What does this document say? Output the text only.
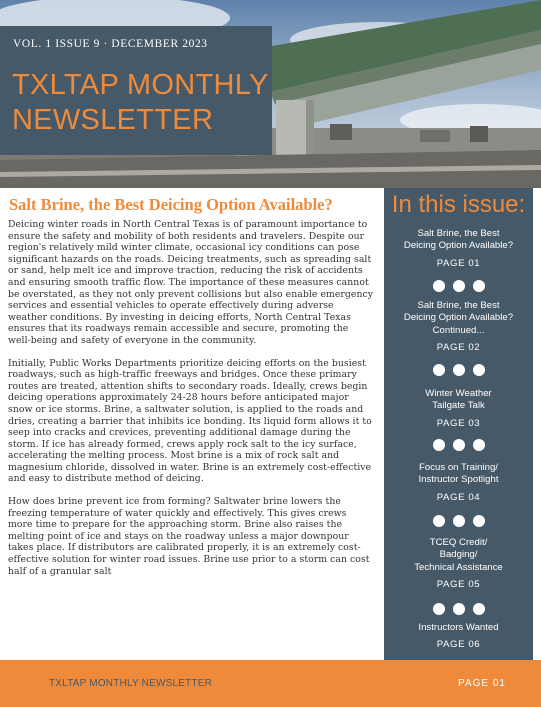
VOL. 1 ISSUE 9 · DECEMBER 2023
TXLTAP MONTHLY
NEWSLETTER
Salt Brine, the Best Deicing Option Available?

Deicing winter roads in North Central Texas is of paramount importance to ensure the safety and mobility of both residents and travelers. Despite our region's relatively mild winter climate, occasional icy conditions can pose significant hazards on the roads. Deicing treatments, such as spreading salt or sand, help melt ice and improve traction, reducing the risk of accidents and ensuring smooth traffic flow. The importance of these measures cannot be overstated, as they not only prevent collisions but also enable emergency services and essential vehicles to operate effectively during adverse weather conditions. By investing in deicing efforts, North Central Texas ensures that its roadways remain accessible and secure, promoting the well-being and safety of everyone in the community.

Initially, Public Works Departments prioritize deicing efforts on the busiest roadways, such as high-traffic freeways and bridges. Once these primary routes are treated, attention shifts to secondary roads. Ideally, crews begin deicing operations approximately 24-28 hours before anticipated major snow or ice storms. Brine, a saltwater solution, is applied to the roads and dries, creating a barrier that inhibits ice bonding. Its liquid form allows it to seep into cracks and crevices, preventing additional damage during the storm. If ice has already formed, crews apply rock salt to the icy surface, accelerating the melting process. Most brine is a mix of rock salt and magnesium chloride, dissolved in water. Brine is an extremely cost-effective and easy to distribute method of deicing.

How does brine prevent ice from forming? Saltwater brine lowers the freezing temperature of water quickly and effectively. This gives crews more time to prepare for the approaching storm. Brine also raises the melting point of ice and stays on the roadway unless a major downpour takes place. If distributors are calibrated properly, it is an extremely cost-effective solution for winter road issues. Brine use prior to a storm can cost half of a granular salt

In this issue:
Salt Brine, the Best
Deicing Option Available?
PAGE 01
Salt Brine, the Best
Deicing Option Available?
Continued...
PAGE 02
Winter Weather
Tailgate Talk
PAGE 03
Focus on Training/
Instructor Spotlight
PAGE 04
TCEQ Credit/
Badging/
Technical Assistance
PAGE 05
Instructors Wanted
PAGE 06
TXLTAP MONTHLY NEWSLETTER	PAGE 01
